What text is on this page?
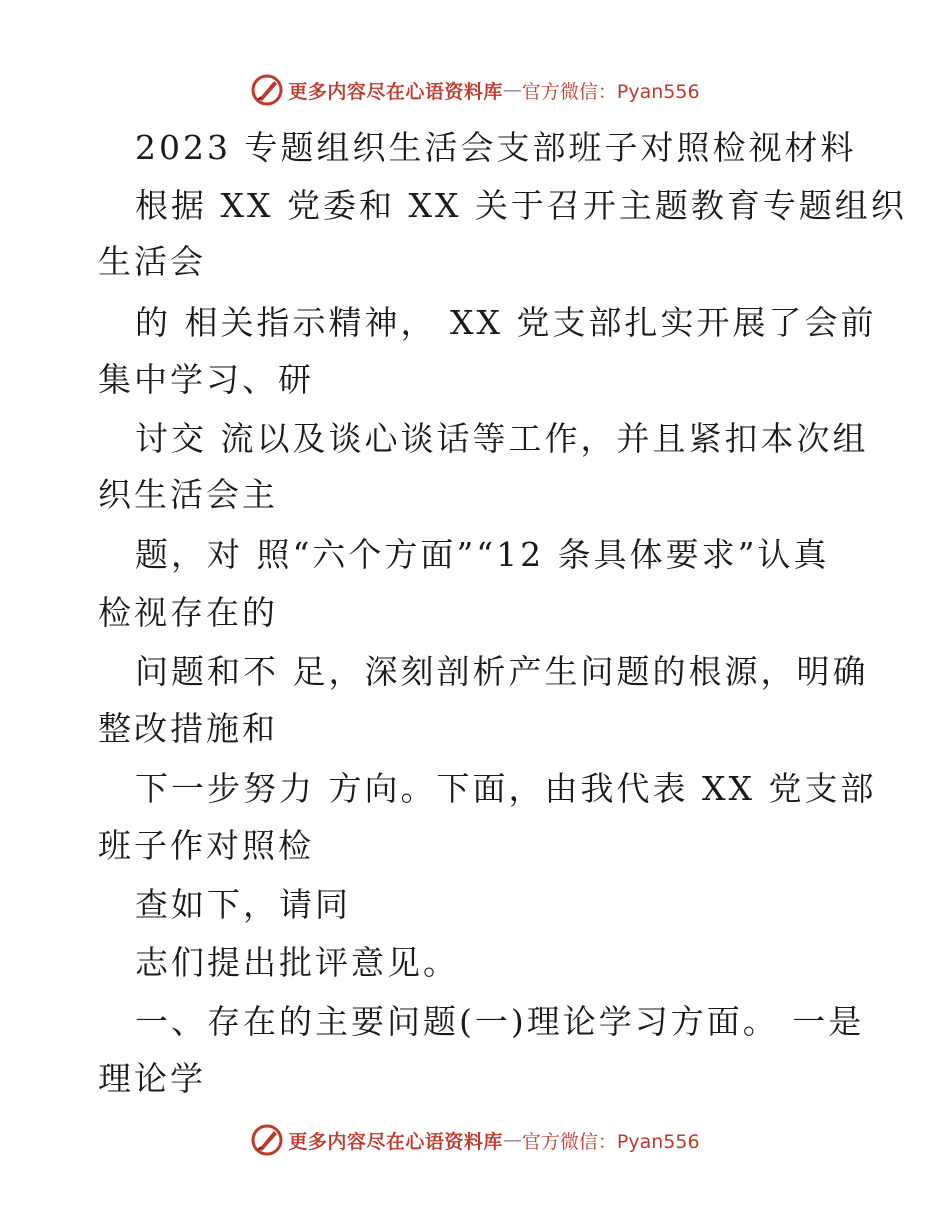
更多内容尽在心语资料库 — 官方微信：Pyan556
2023 专题组织生活会支部班子对照检视材料
根据 XX 党委和 XX 关于召开主题教育专题组织
生活会
的 相关指示精神， XX 党支部扎实开展了会前
集中学习、研
讨交 流以及谈心谈话等工作，并且紧扣本次组
织生活会主
题，对 照“六个方面”“12 条具体要求”认真
检视存在的
问题和不 足，深刻剖析产生问题的根源，明确
整改措施和
下一步努力 方向。下面，由我代表 XX 党支部
班子作对照检
查如下，请同
志们提出批评意见。
一、存在的主要问题(一)理论学习方面。 一是
理论学
更多内容尽在心语资料库 — 官方微信：Pyan556
